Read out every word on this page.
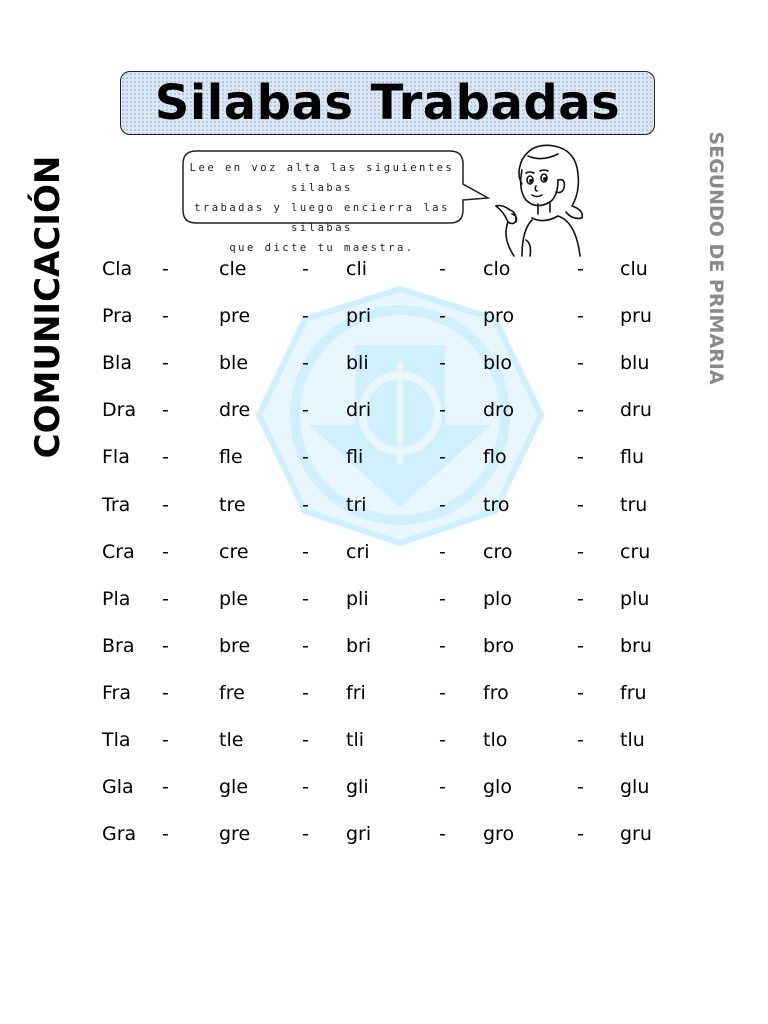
Silabas Trabadas
COMUNICACIÓN	SEGUNDO DE PRIMARIA
Lee en voz alta las siguientes silabas
trabadas y luego encierra las silabas
que dicte tu maestra.
Cla -	cle	- cli	- clo	- clu
Pra -	pre	- pri	- pro	- pru
Bla -	ble	- bli	- blo	- blu
Dra -	dre	- dri	- dro	- dru
Fla -	fle	- fli	- flo	- flu
Tra -	tre	- tri	- tro	- tru
Cra -	cre	- cri	- cro	- cru
Pla -	ple	- pli	- plo	- plu
Bra -	bre	- bri	- bro	- bru
Fra -	fre	- fri	- fro	- fru
Tla -	tle	- tli	- tlo	- tlu
Gla -	gle	- gli	- glo	- glu
Gra -	gre	- gri	- gro	- gru
